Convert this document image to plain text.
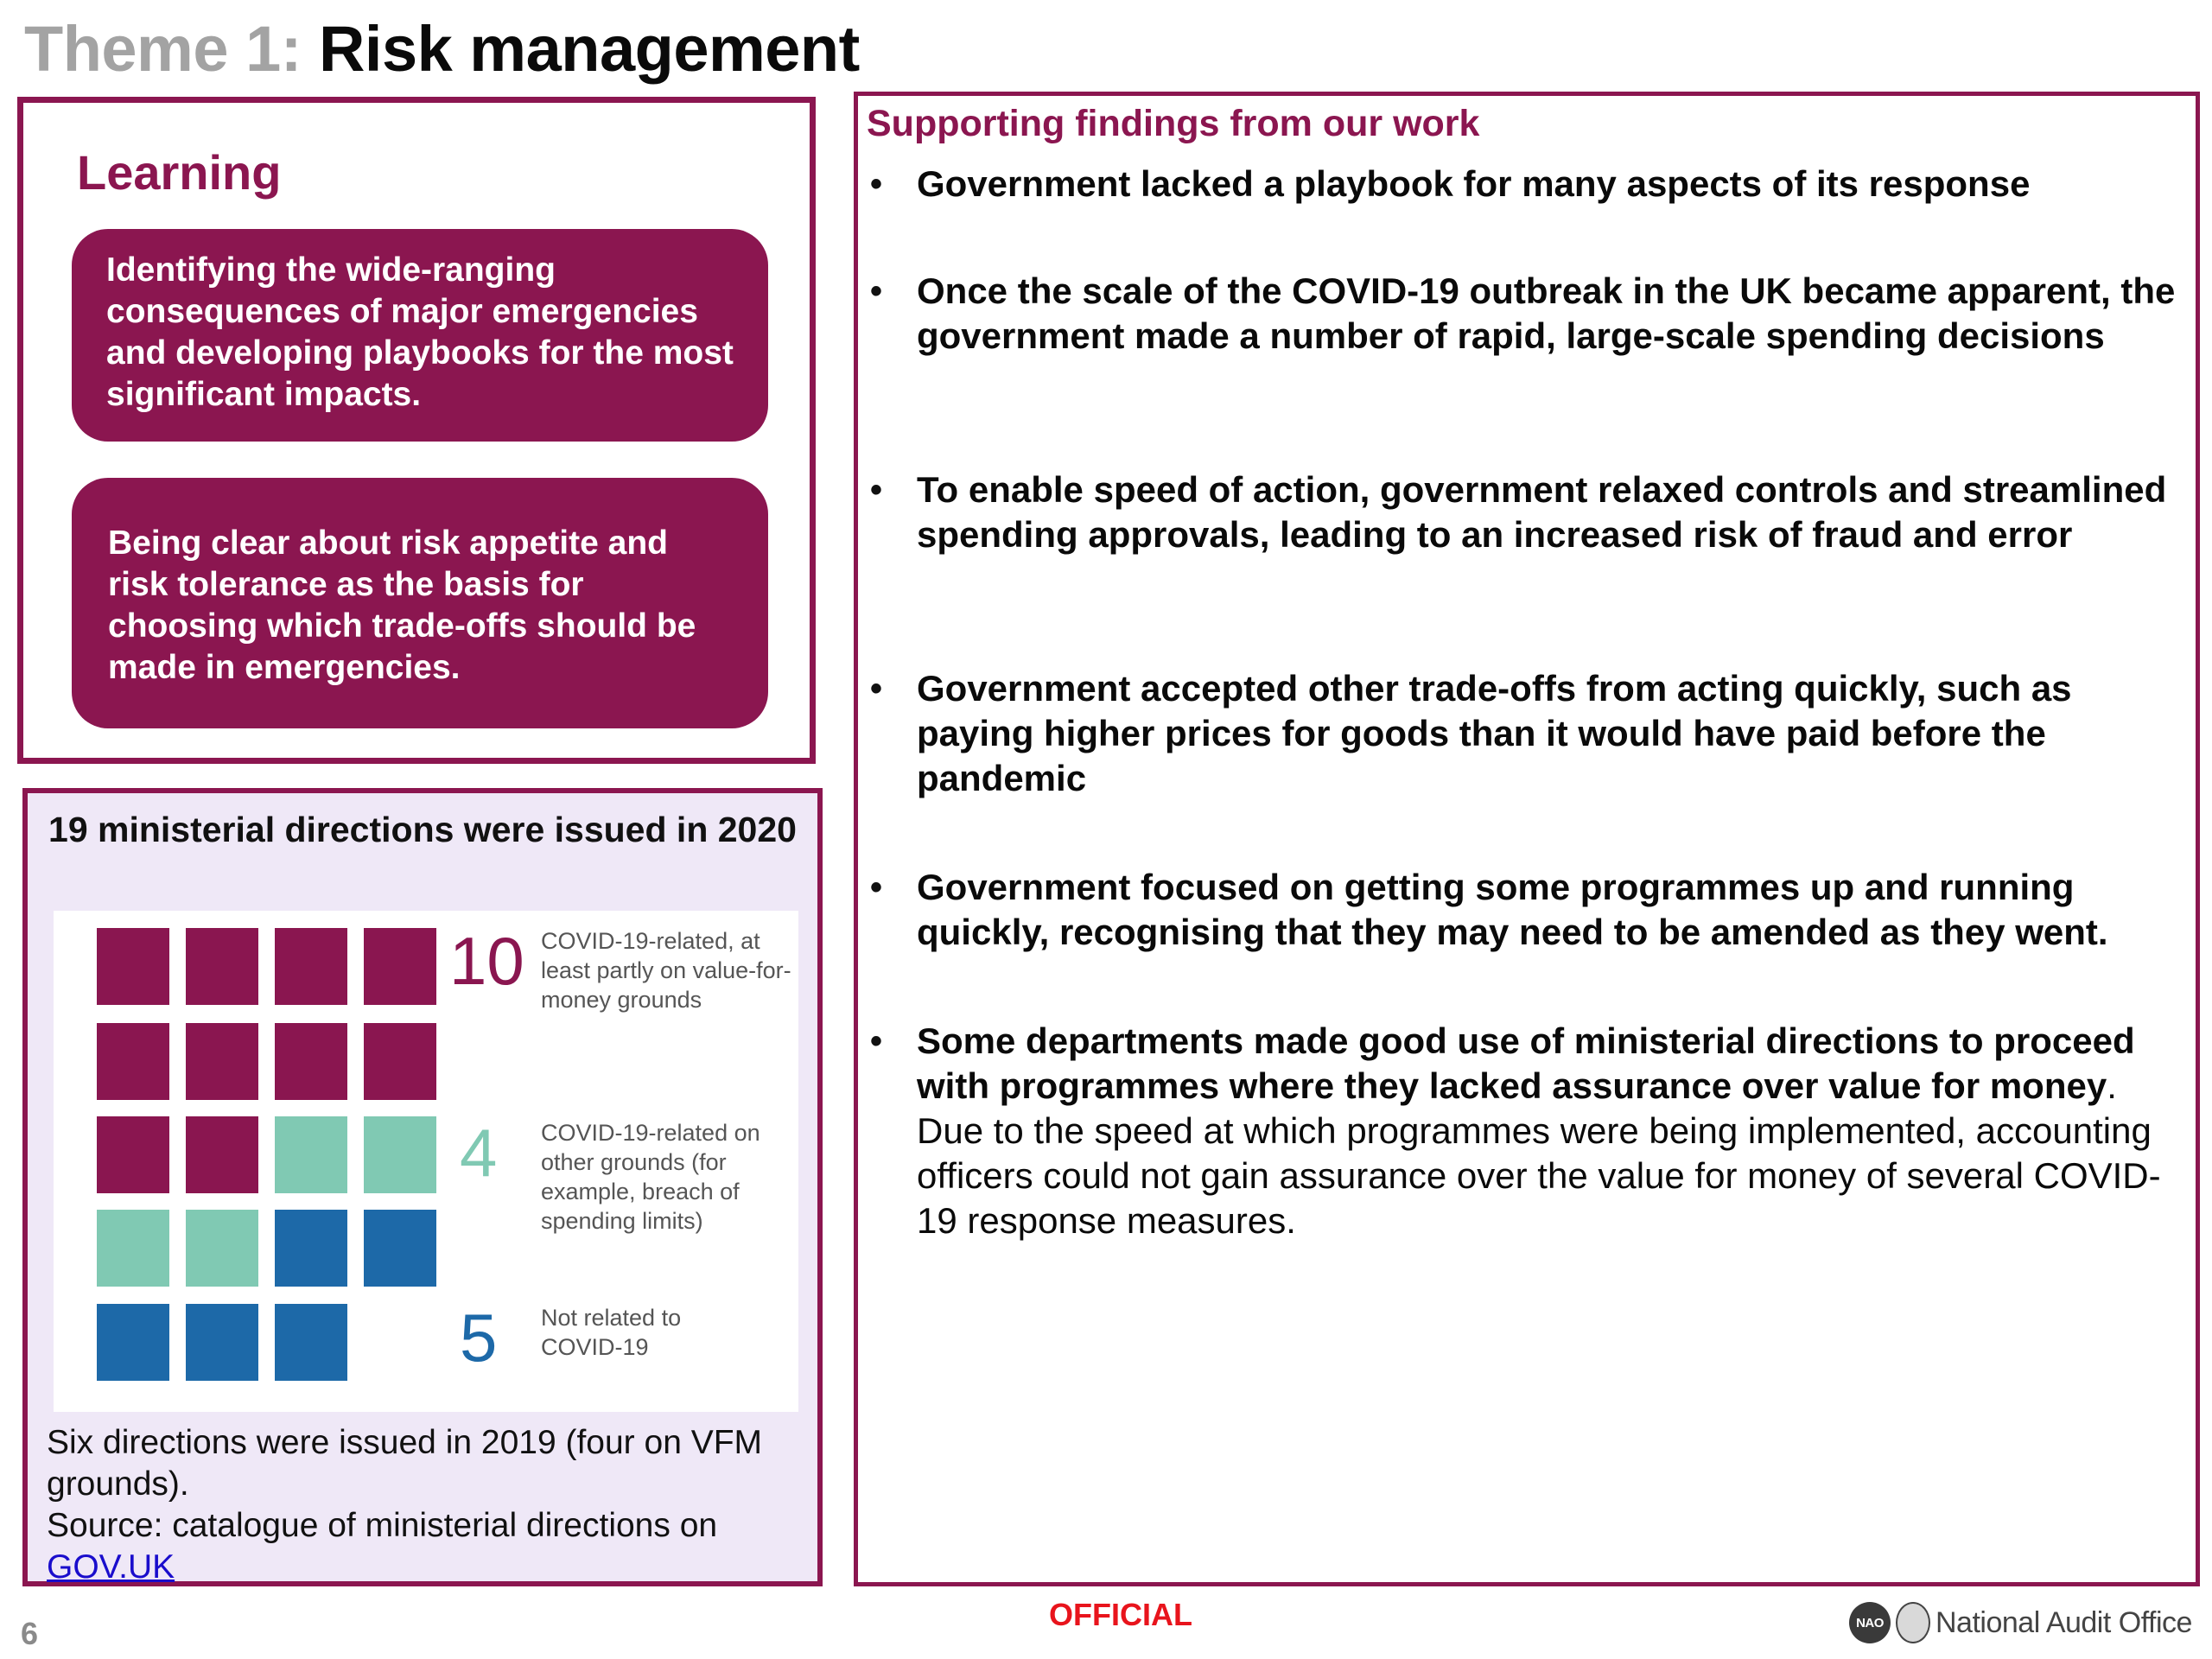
Theme 1: Risk management
Learning
Identifying the wide-ranging consequences of major emergencies and developing playbooks for the most significant impacts.
Being clear about risk appetite and risk tolerance as the basis for choosing which trade-offs should be made in emergencies.
19 ministerial directions were issued in 2020
10 COVID-19-related, at least partly on value-for-money grounds
4 COVID-19-related on other grounds (for example, breach of spending limits)
5 Not related to COVID-19
Six directions were issued in 2019 (four on VFM grounds).
Source: catalogue of ministerial directions on GOV.UK
Supporting findings from our work
• Government lacked a playbook for many aspects of its response
• Once the scale of the COVID-19 outbreak in the UK became apparent, the government made a number of rapid, large-scale spending decisions
• To enable speed of action, government relaxed controls and streamlined spending approvals, leading to an increased risk of fraud and error
• Government accepted other trade-offs from acting quickly, such as paying higher prices for goods than it would have paid before the pandemic
• Government focused on getting some programmes up and running quickly, recognising that they may need to be amended as they went.
• Some departments made good use of ministerial directions to proceed with programmes where they lacked assurance over value for money. Due to the speed at which programmes were being implemented, accounting officers could not gain assurance over the value for money of several COVID-19 response measures.
OFFICIAL
6	NAO National Audit Office
